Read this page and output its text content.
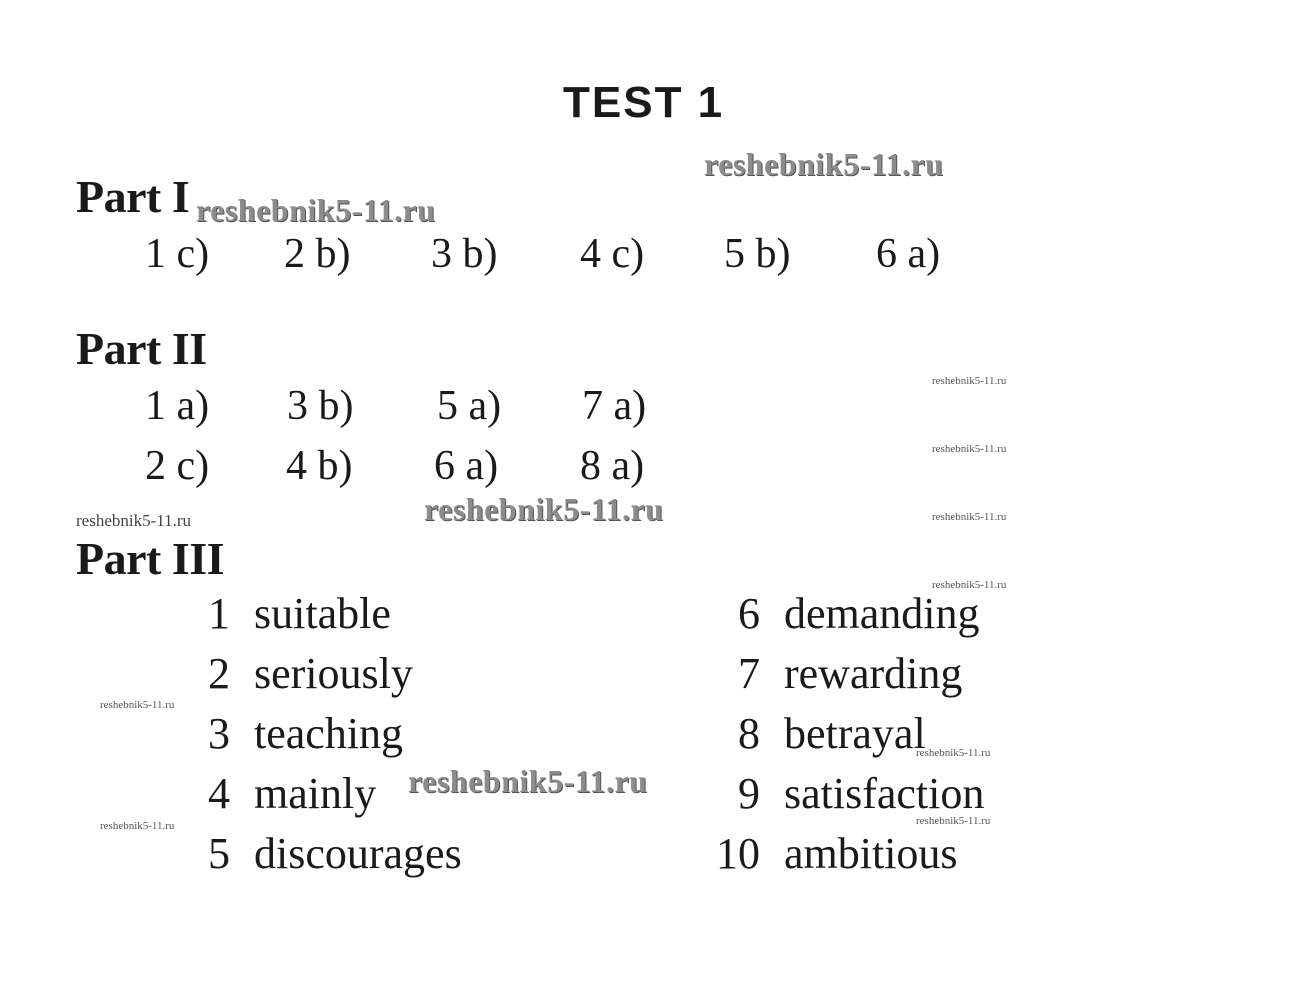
TEST 1
Part I
1 c) 2 b) 3 b) 4 c) 5 b) 6 a)
Part II
1 a) 3 b) 5 a) 7 a)
2 c) 4 b) 6 a) 8 a)
Part III
1 suitable
2 seriously
3 teaching
4 mainly
5 discourages
6 demanding
7 rewarding
8 betrayal
9 satisfaction
10 ambitious
reshebnik5-11.ru
reshebnik5-11.ru
reshebnik5-11.ru
reshebnik5-11.ru
reshebnik5-11.ru
reshebnik5-11.ru
reshebnik5-11.ru
reshebnik5-11.ru
reshebnik5-11.ru
reshebnik5-11.ru
reshebnik5-11.ru
reshebnik5-11.ru
reshebnik5-11.ru
